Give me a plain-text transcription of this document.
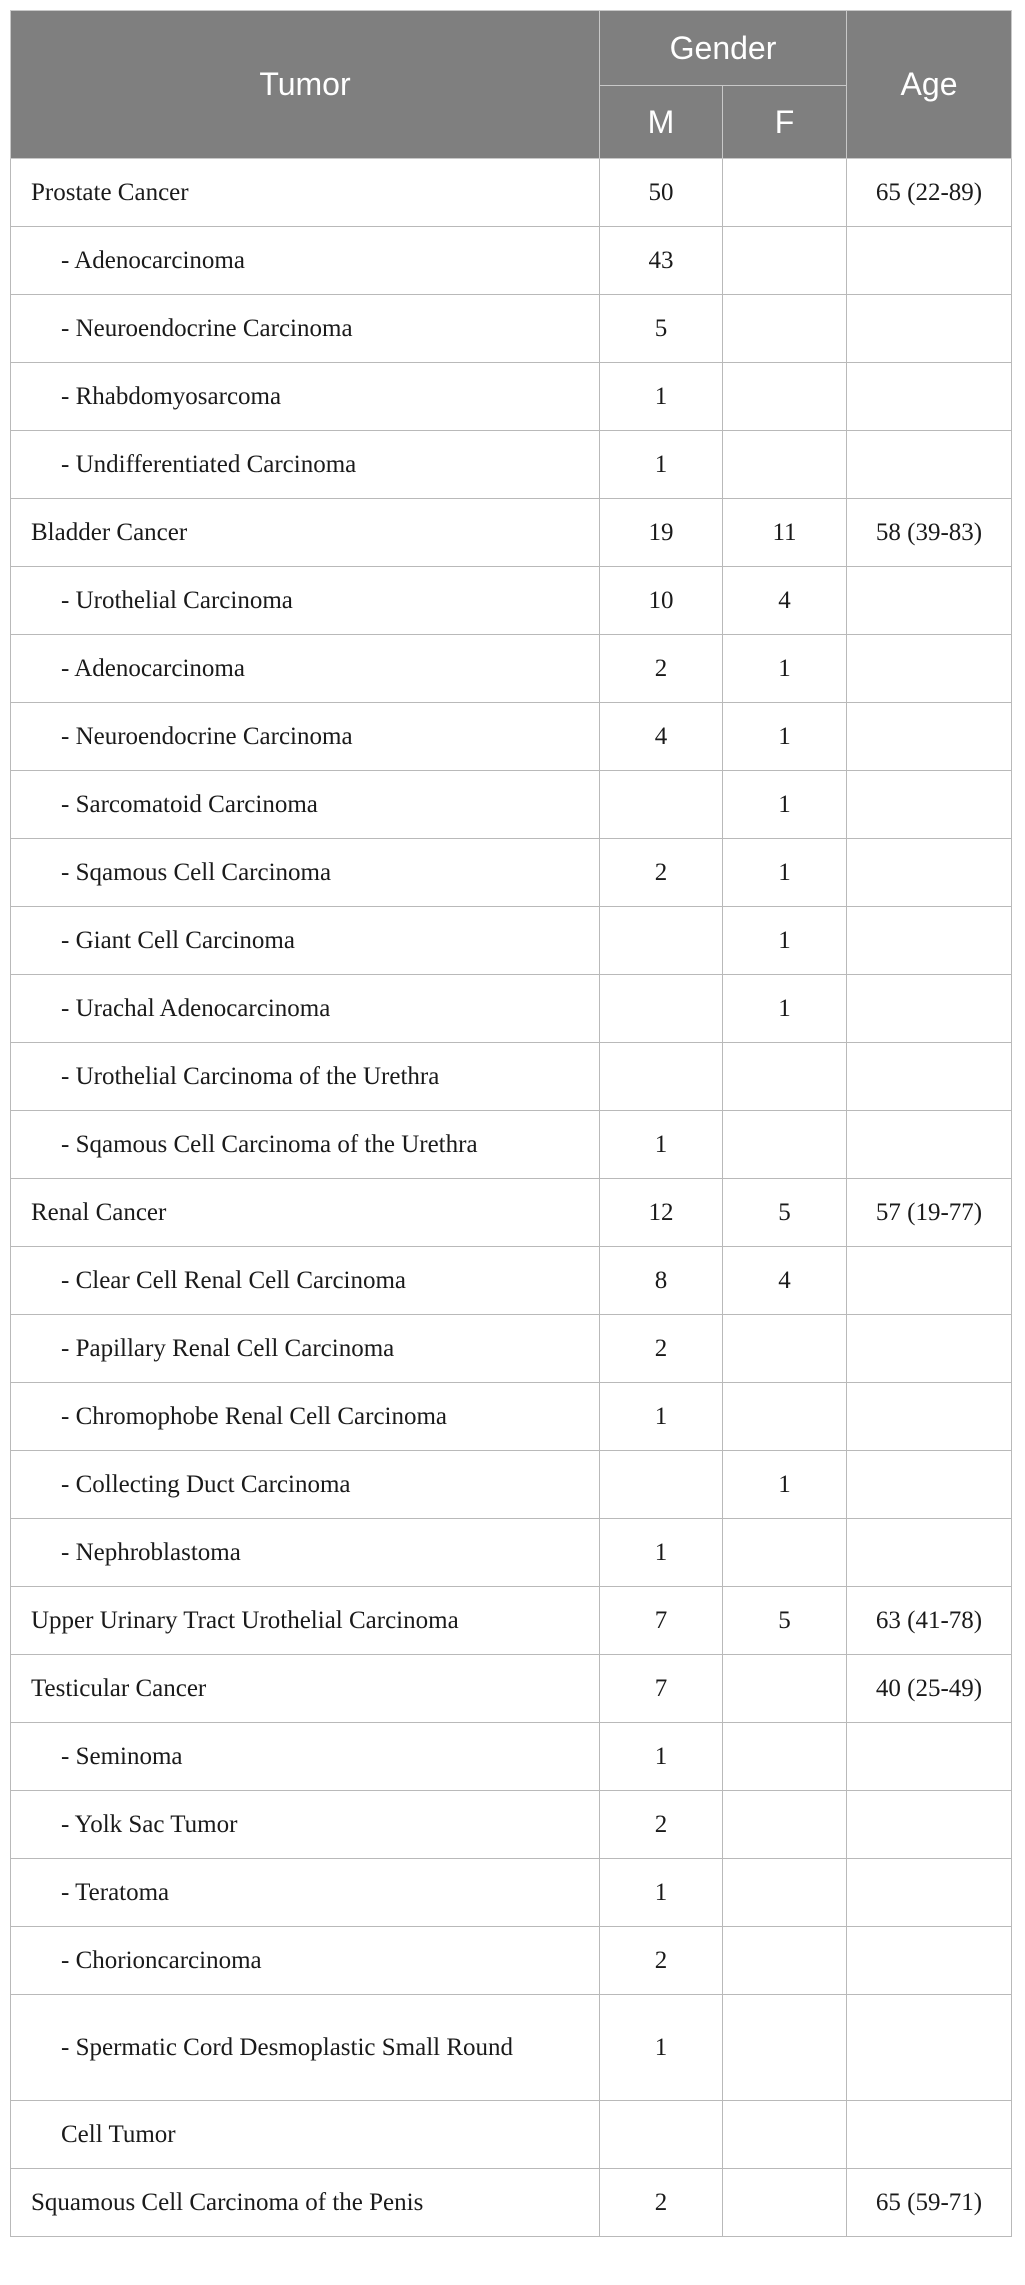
Tumor	Gender		Age
	M	F	
Prostate Cancer	50		65 (22-89)
- Adenocarcinoma	43		
- Neuroendocrine Carcinoma	5		
- Rhabdomyosarcoma	1		
- Undifferentiated Carcinoma	1		
Bladder Cancer	19	11	58 (39-83)
- Urothelial Carcinoma	10	4	
- Adenocarcinoma	2	1	
- Neuroendocrine Carcinoma	4	1	
- Sarcomatoid Carcinoma		1	
- Sqamous Cell Carcinoma	2	1	
- Giant Cell Carcinoma		1	
- Urachal Adenocarcinoma		1	
- Urothelial Carcinoma of the Urethra			
- Sqamous Cell Carcinoma of the Urethra	1		
Renal Cancer	12	5	57 (19-77)
- Clear Cell Renal Cell Carcinoma	8	4	
- Papillary Renal Cell Carcinoma	2		
- Chromophobe Renal Cell Carcinoma	1		
- Collecting Duct Carcinoma		1	
- Nephroblastoma	1		
Upper Urinary Tract Urothelial Carcinoma	7	5	63 (41-78)
Testicular Cancer	7		40 (25-49)
- Seminoma	1		
- Yolk Sac Tumor	2		
- Teratoma	1		
- Chorioncarcinoma	2		
- Spermatic Cord Desmoplastic Small Round	1		
Cell Tumor			
Squamous Cell Carcinoma of the Penis	2		65 (59-71)
